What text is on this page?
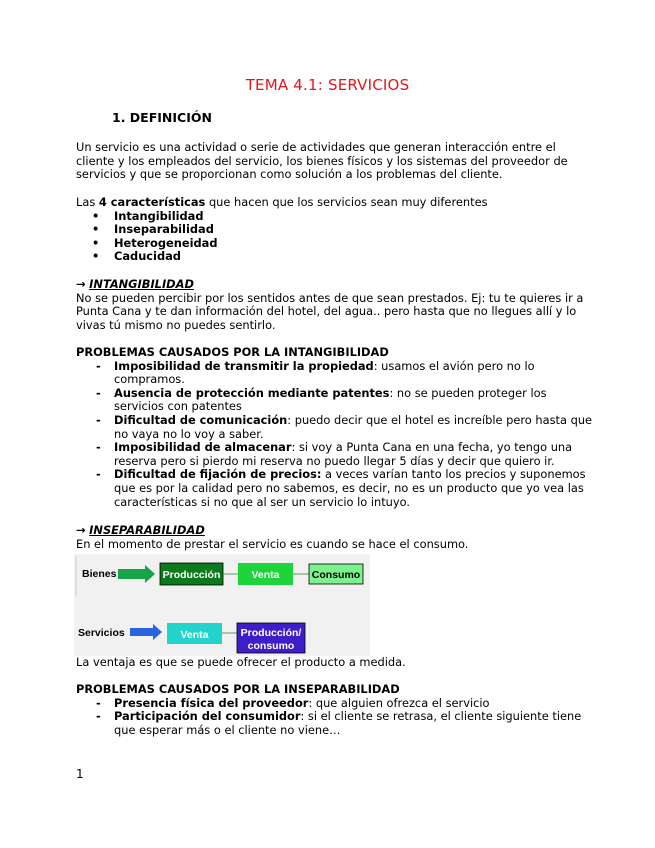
TEMA 4.1: SERVICIOS
1. DEFINICIÓN

Un servicio es una actividad o serie de actividades que generan interacción entre el cliente y los empleados del servicio, los bienes físicos y los sistemas del proveedor de servicios y que se proporcionan como solución a los problemas del cliente.

Las 4 características que hacen que los servicios sean muy diferentes

• Intangibilidad
• Inseparabilidad
• Heterogeneidad
• Caducidad

→ INTANGIBILIDAD

No se pueden percibir por los sentidos antes de que sean prestados. Ej: tu te quieres ir a Punta Cana y te dan información del hotel, del agua.. pero hasta que no llegues allí y lo vivas tú mismo no puedes sentirlo.

PROBLEMAS CAUSADOS POR LA INTANGIBILIDAD

- Imposibilidad de transmitir la propiedad: usamos el avión pero no lo compramos.
- Ausencia de protección mediante patentes: no se pueden proteger los servicios con patentes
- Dificultad de comunicación: puedo decir que el hotel es increíble pero hasta que no vaya no lo voy a saber.
- Imposibilidad de almacenar: si voy a Punta Cana en una fecha, yo tengo una reserva pero si pierdo mi reserva no puedo llegar 5 días y decir que quiero ir.
- Dificultad de fijación de precios: a veces varían tanto los precios y suponemos que es por la calidad pero no sabemos, es decir, no es un producto que yo vea las características si no que al ser un servicio lo intuyo.

→ INSEPARABILIDAD

En el momento de prestar el servicio es cuando se hace el consumo.

Bienes	Producción	Venta	Consumo
Servicios	Venta	Producción/
consumo

La ventaja es que se puede ofrecer el producto a medida.

PROBLEMAS CAUSADOS POR LA INSEPARABILIDAD

- Presencia física del proveedor: que alguien ofrezca el servicio
- Participación del consumidor: si el cliente se retrasa, el cliente siguiente tiene que esperar más o el cliente no viene…
1
